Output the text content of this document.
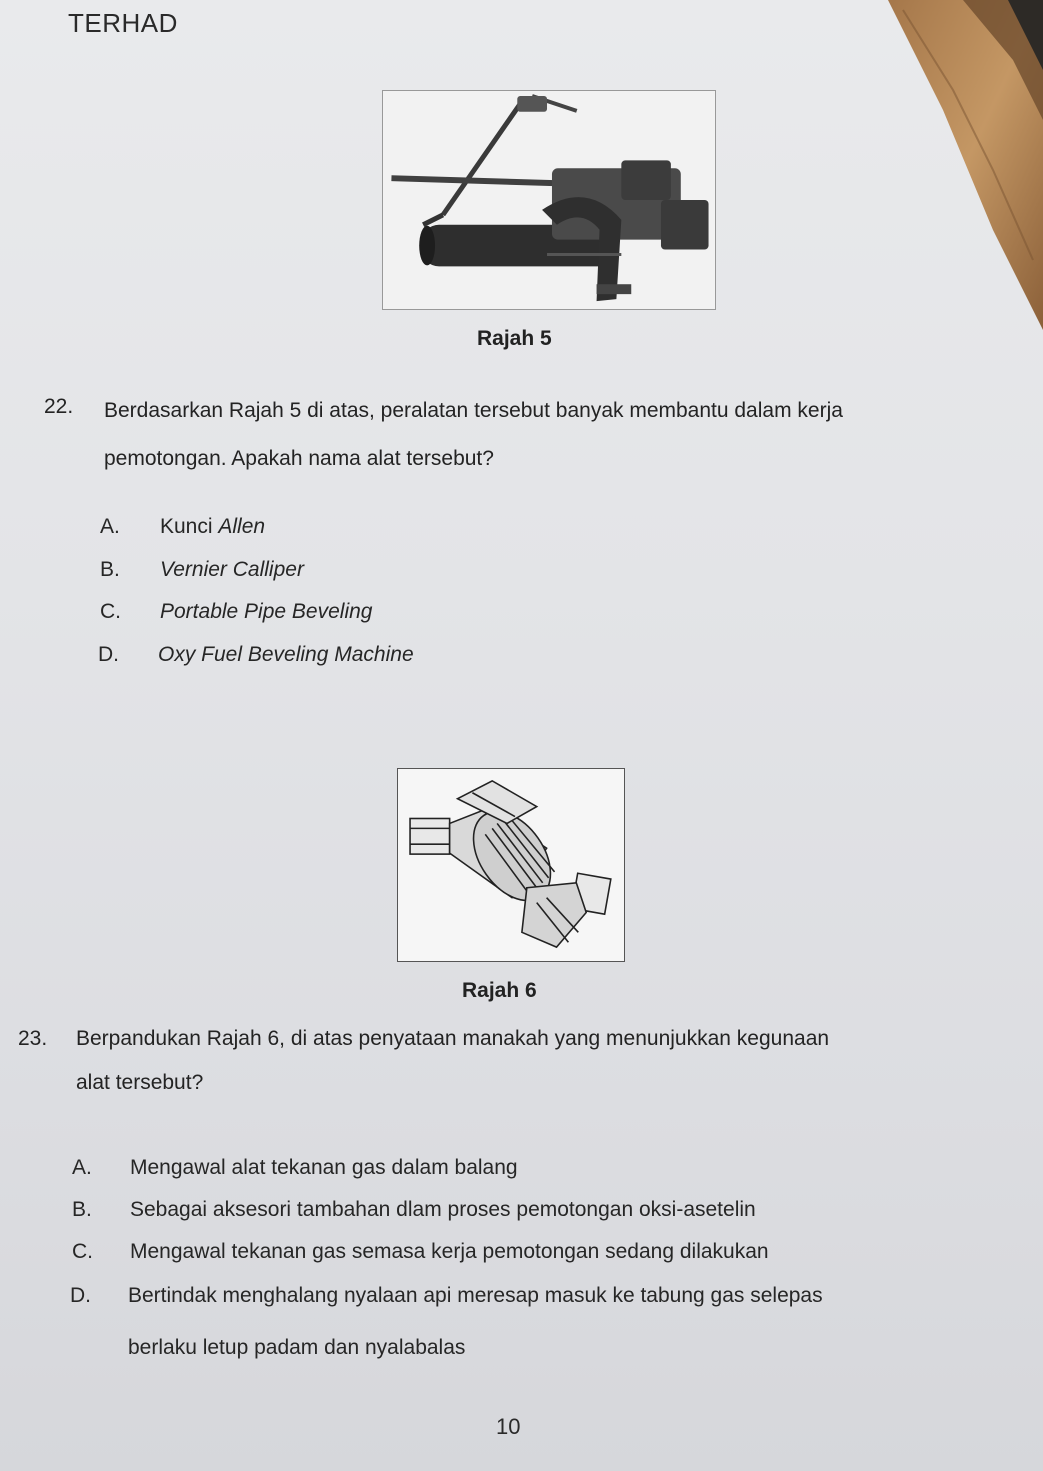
TERHAD
Rajah 5
22. Berdasarkan Rajah 5 di atas, peralatan tersebut banyak membantu dalam kerja
pemotongan. Apakah nama alat tersebut?
A. Kunci Allen
B. Vernier Calliper
C. Portable Pipe Beveling
D. Oxy Fuel Beveling Machine
Rajah 6
23. Berpandukan Rajah 6, di atas penyataan manakah yang menunjukkan kegunaan
alat tersebut?
A. Mengawal alat tekanan gas dalam balang
B. Sebagai aksesori tambahan dlam proses pemotongan oksi-asetelin
C. Mengawal tekanan gas semasa kerja pemotongan sedang dilakukan
D. Bertindak menghalang nyalaan api meresap masuk ke tabung gas selepas
berlaku letup padam dan nyalabalas
10
